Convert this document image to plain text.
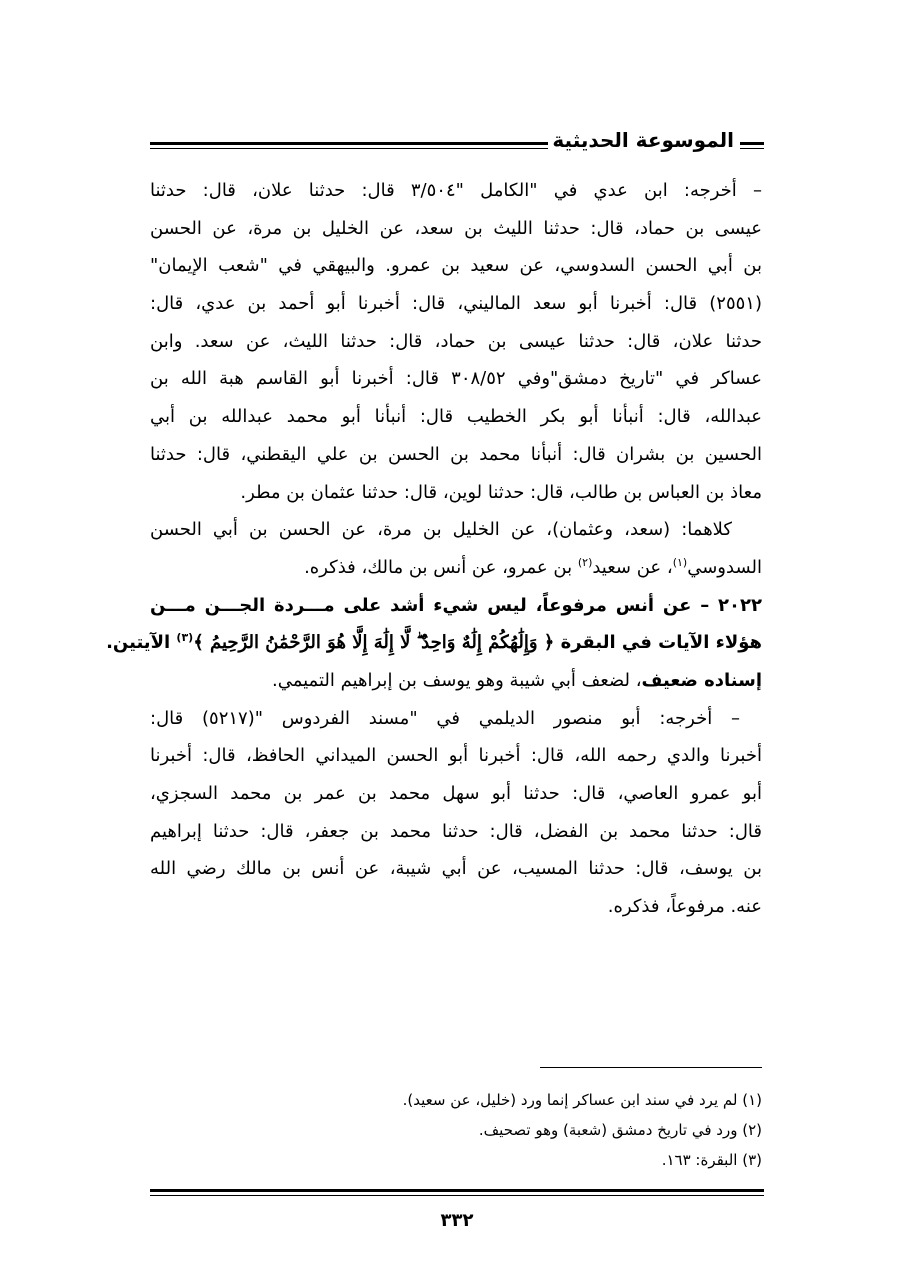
الموسوعة الحديثية
– أخرجه: ابن عدي في "الكامل "٣/٥٠٤ قال: حدثنا علان، قال: حدثنا
عيسى بن حماد، قال: حدثنا الليث بن سعد، عن الخليل بن مرة، عن الحسن
بن أبي الحسن السدوسي، عن سعيد بن عمرو. والبيهقي في "شعب الإيمان"
(٢٥٥١) قال: أخبرنا أبو سعد الماليني، قال: أخبرنا أبو أحمد بن عدي، قال:
حدثنا علان، قال: حدثنا عيسى بن حماد، قال: حدثنا الليث، عن سعد. وابن
عساكر في "تاريخ دمشق"وفي ٣٠٨/٥٢ قال: أخبرنا أبو القاسم هبة الله بن
عبدالله، قال: أنبأنا أبو بكر الخطيب قال: أنبأنا أبو محمد عبدالله بن أبي
الحسين بن بشران قال: أنبأنا محمد بن الحسن بن علي اليقطني، قال: حدثنا
معاذ بن العباس بن طالب، قال: حدثنا لوين، قال: حدثنا عثمان بن مطر.
كلاهما: (سعد، وعثمان)، عن الخليل بن مرة، عن الحسن بن أبي الحسن
السدوسي$^{(١)}$، عن سعيد$^{(٢)}$ بن عمرو، عن أنس بن مالك، فذكره.
٢٠٢٢ – عن أنس مرفوعاً، ليس شيء أشد على مـــردة الجـــن مـــن
هؤلاء الآيات في البقرة ﴿ وَإِلَٰهُكُمْ إِلَٰهٌ وَاحِدٌ ۖ لَّا إِلَٰهَ إِلَّا هُوَ الرَّحْمَٰنُ الرَّحِيمُ ﴾$^{(٣)}$ الآيتين.
إسناده ضعيف، لضعف أبي شيبة وهو يوسف بن إبراهيم التميمي.
– أخرجه: أبو منصور الديلمي في "مسند الفردوس "(٥٢١٧) قال:
أخبرنا والدي رحمه الله، قال: أخبرنا أبو الحسن الميداني الحافظ، قال: أخبرنا
أبو عمرو العاصي، قال: حدثنا أبو سهل محمد بن عمر بن محمد السجزي،
قال: حدثنا محمد بن الفضل، قال: حدثنا محمد بن جعفر، قال: حدثنا إبراهيم
بن يوسف، قال: حدثنا المسيب، عن أبي شيبة، عن أنس بن مالك رضي الله
عنه. مرفوعاً، فذكره.
(١) لم يرد في سند ابن عساكر إنما ورد (خليل، عن سعيد).
(٢) ورد في تاريخ دمشق (شعبة) وهو تصحيف.
(٣) البقرة: ١٦٣.
٣٣٢
